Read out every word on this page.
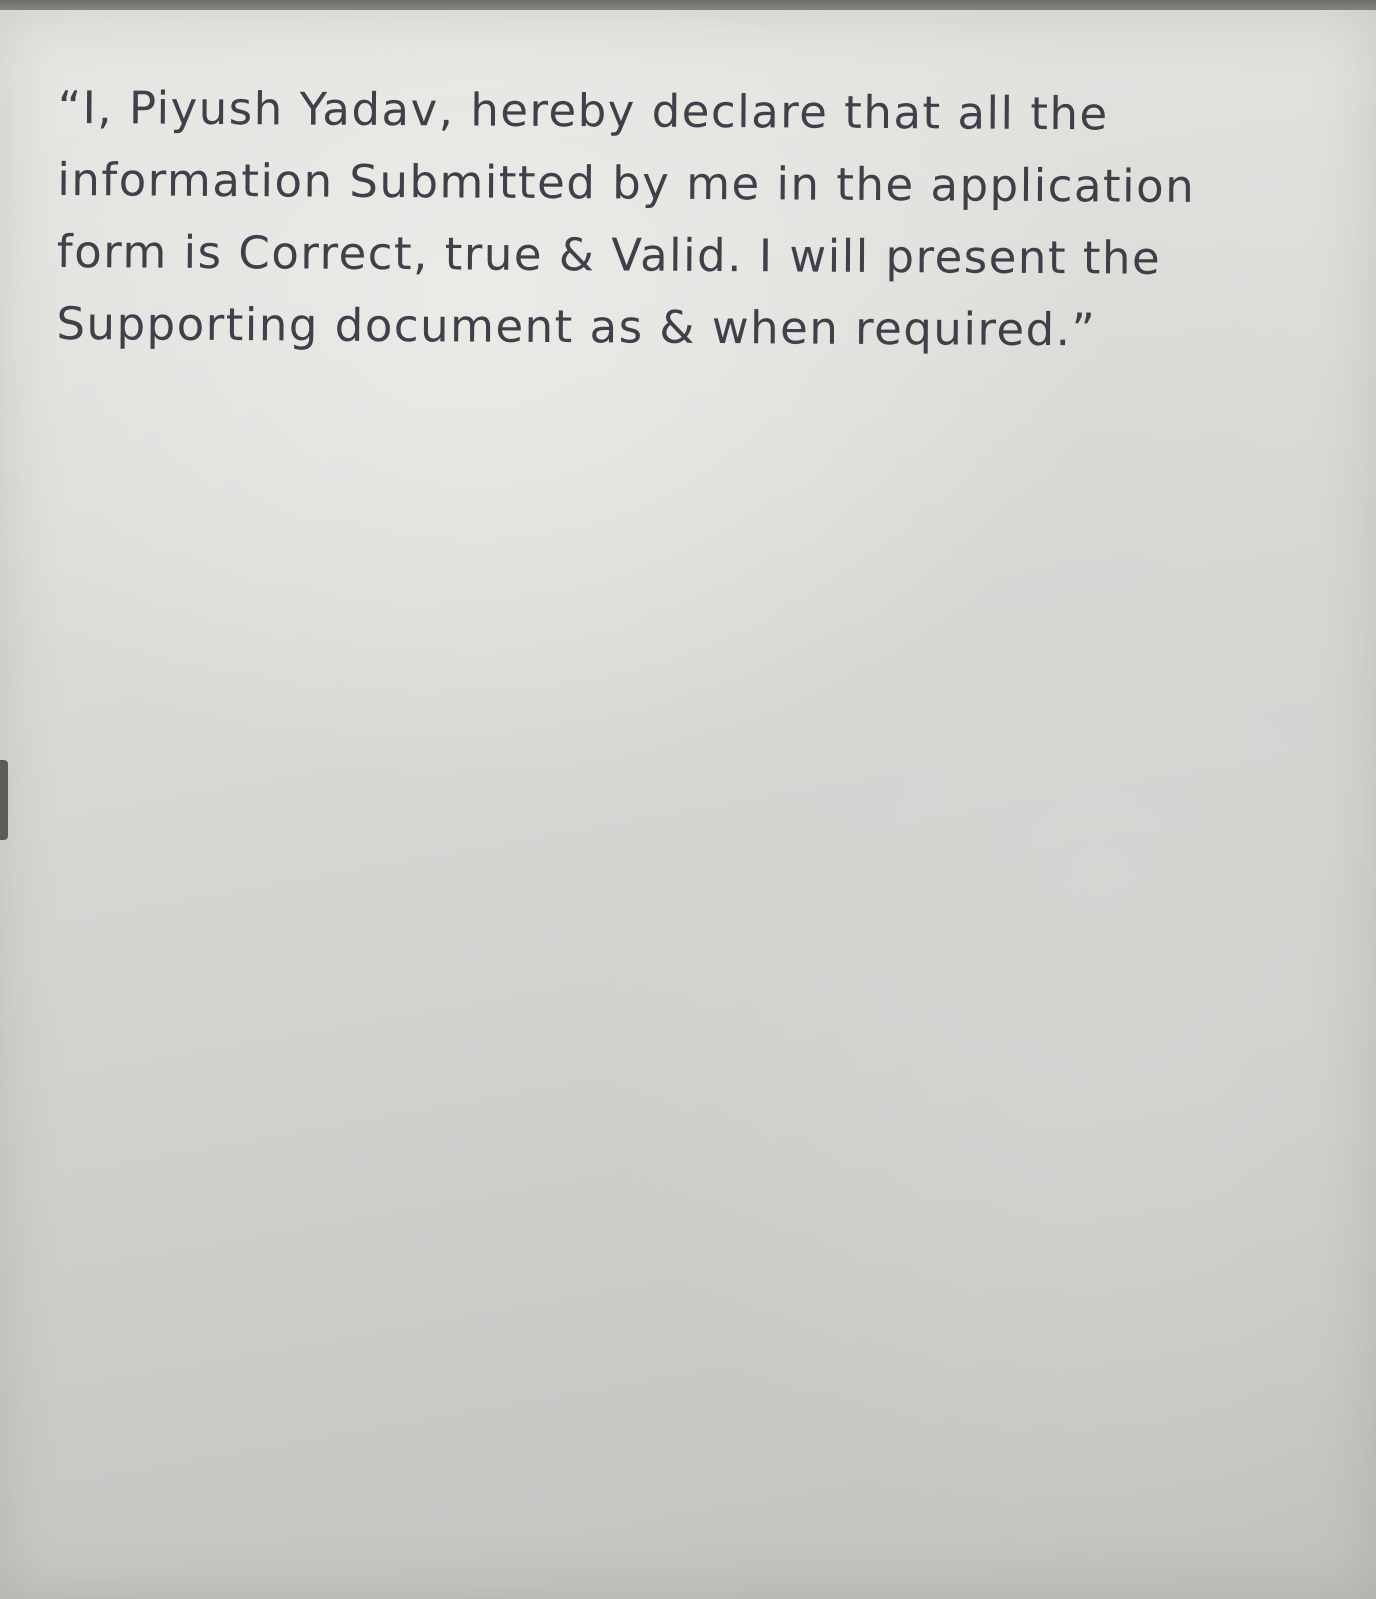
“I, Piyush Yadav, hereby declare that all the
information Submitted by me in the application
form is Correct, true & Valid. I will present the
Supporting document as & when required.”
